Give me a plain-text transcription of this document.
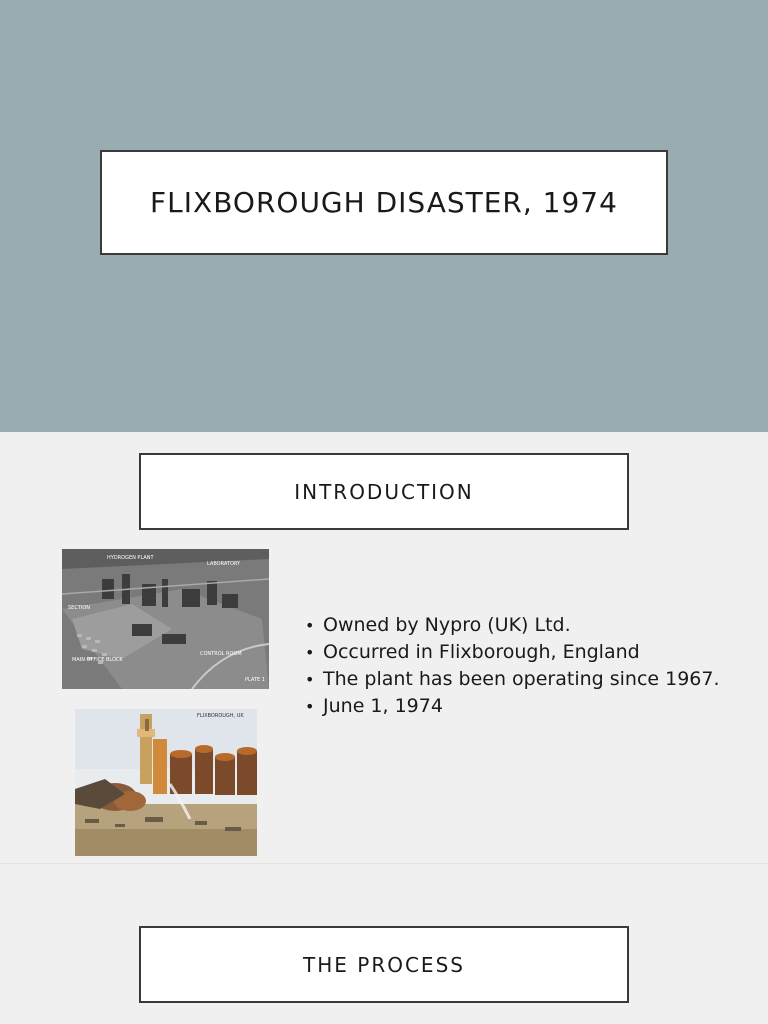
FLIXBOROUGH DISASTER, 1974
INTRODUCTION
HYDROGEN PLANT
LABORATORY
SECTION
MAIN OFFICE BLOCK
CONTROL ROOM
PLATE 1
FLIXBOROUGH, UK
• Owned by Nypro (UK) Ltd.
• Occurred in Flixborough, England
• The plant has been operating since 1967.
• June 1, 1974
THE PROCESS
